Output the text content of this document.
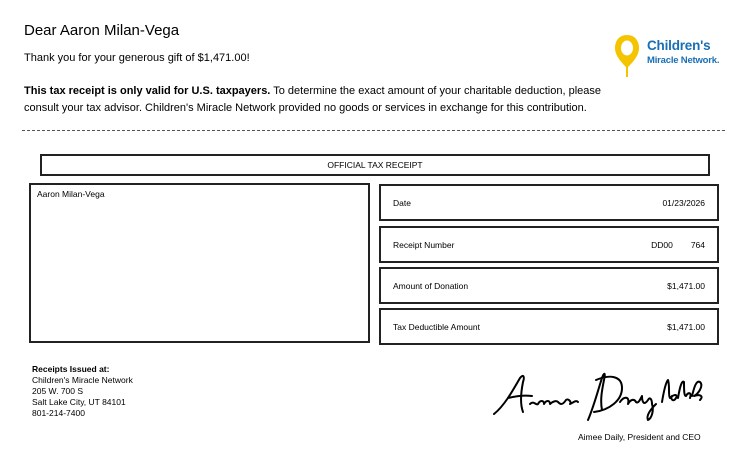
Dear Aaron Milan-Vega
Thank you for your generous gift of $1,471.00!
This tax receipt is only valid for U.S. taxpayers. To determine the exact amount of your charitable deduction, please consult your tax advisor. Children's Miracle Network provided no goods or services in exchange for this contribution.
Children's
Miracle Network.
OFFICIAL TAX RECEIPT
Aaron Milan-Vega
Date	01/23/2026
Receipt Number	DD00 764
Amount of Donation	$1,471.00
Tax Deductible Amount	$1,471.00
Receipts Issued at:
Children's Miracle Network
205 W. 700 S
Salt Lake City, UT 84101
801-214-7400
Aimee Daily, President and CEO
